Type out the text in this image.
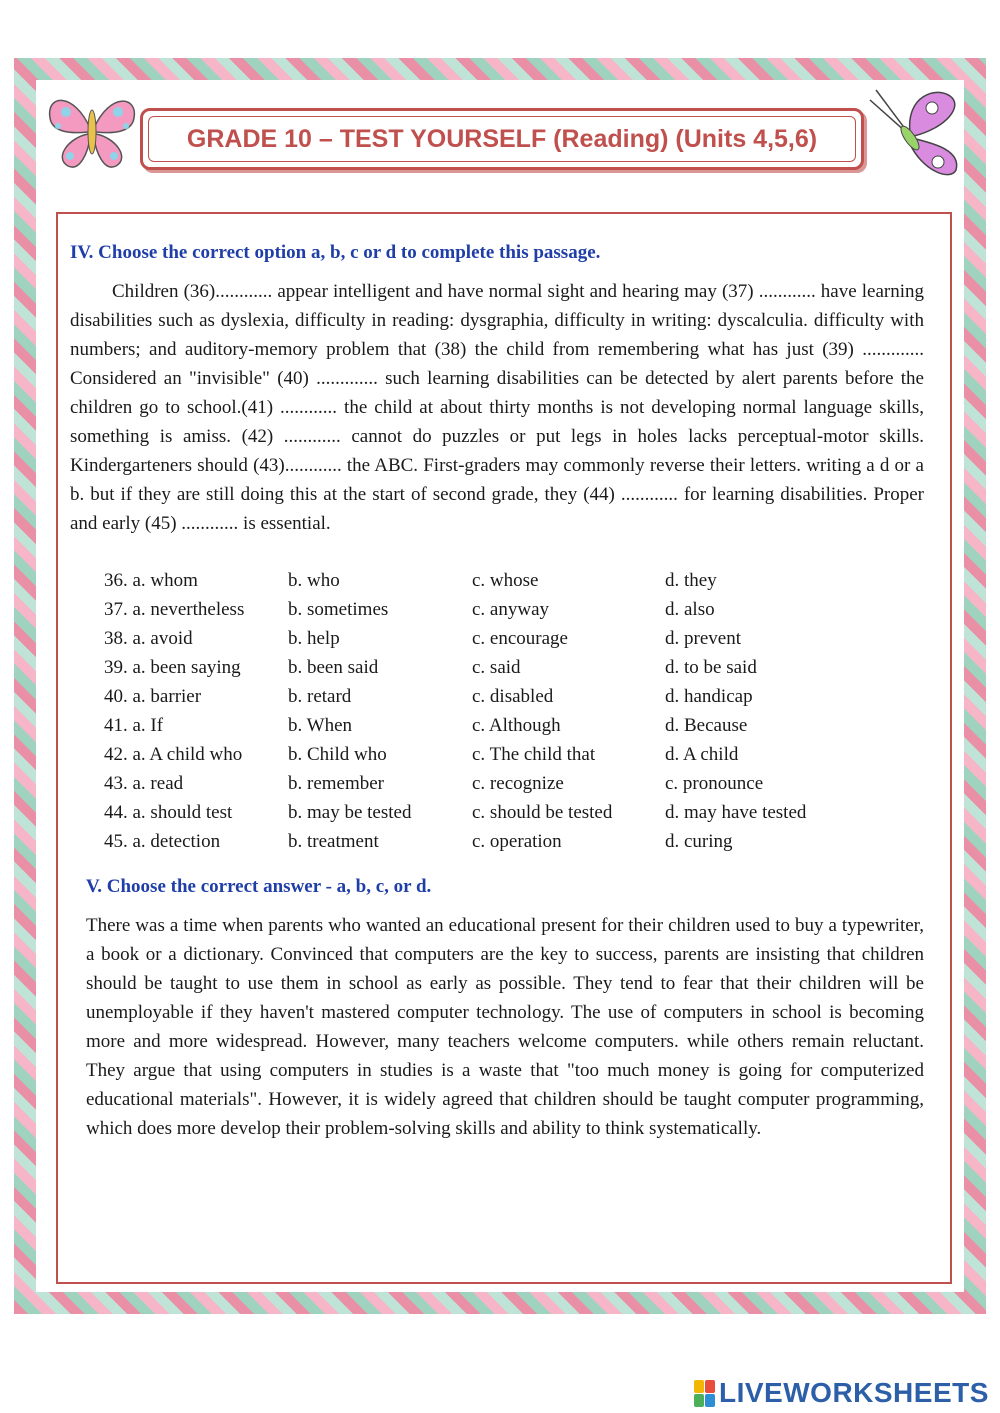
GRADE 10 – TEST YOURSELF (Reading) (Units 4,5,6)
IV. Choose the correct option a, b, c or d to complete this passage.

Children (36)............ appear intelligent and have normal sight and hearing may (37) ............ have learning disabilities such as dyslexia, difficulty in reading: dysgraphia, difficulty in writing: dyscalculia. difficulty with numbers; and auditory-memory problem that (38) the child from remembering what has just (39) ............. Considered an "invisible" (40) ............. such learning disabilities can be detected by alert parents before the children go to school.(41) ............ the child at about thirty months is not developing normal language skills, something is amiss. (42) ............ cannot do puzzles or put legs in holes lacks perceptual-motor skills. Kindergarteners should (43)............ the ABC. First-graders may commonly reverse their letters. writing a d or a b. but if they are still doing this at the start of second grade, they (44) ............ for learning disabilities. Proper and early (45) ............ is essential.

36. a. whom	b. who	c. whose	d. they
37. a. nevertheless	b. sometimes	c. anyway	d. also
38. a. avoid	b. help	c. encourage	d. prevent
39. a. been saying	b. been said	c. said	d. to be said
40. a. barrier	b. retard	c. disabled	d. handicap
41. a. If	b. When	c. Although	d. Because
42. a. A child who	b. Child who	c. The child that	d. A child
43. a. read	b. remember	c. recognize	c. pronounce
44. a. should test	b. may be tested	c. should be tested	d. may have tested
45. a. detection	b. treatment	c. operation	d. curing
V. Choose the correct answer - a, b, c, or d.

There was a time when parents who wanted an educational present for their children used to buy a typewriter, a book or a dictionary. Convinced that computers are the key to success, parents are insisting that children should be taught to use them in school as early as possible. They tend to fear that their children will be unemployable if they haven't mastered computer technology. The use of computers in school is becoming more and more widespread. However, many teachers welcome computers. while others remain reluctant. They argue that using computers in studies is a waste that "too much money is going for computerized educational materials". However, it is widely agreed that children should be taught computer programming, which does more develop their problem-solving skills and ability to think systematically.

LIVEWORKSHEETS
